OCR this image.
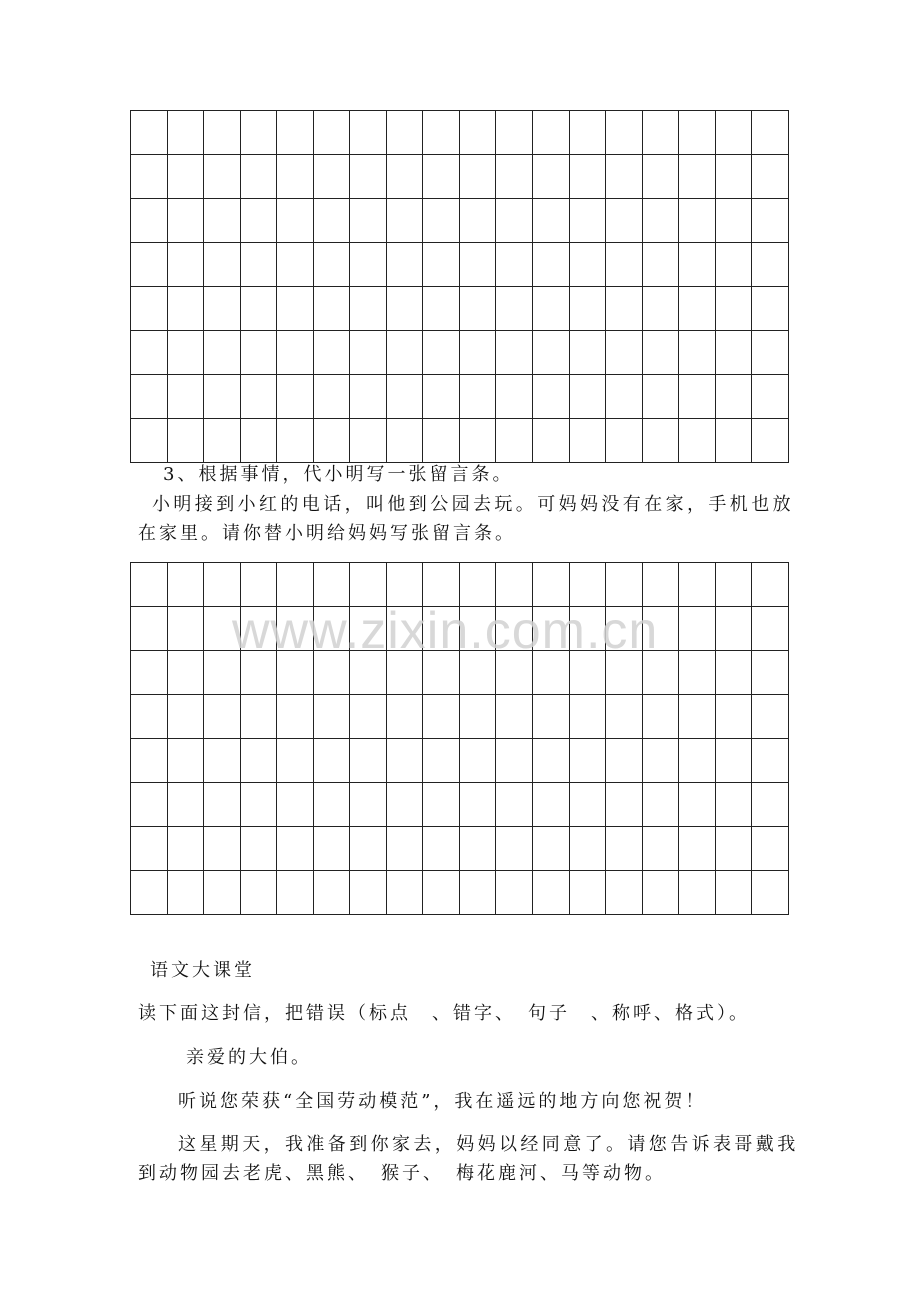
3、根据事情，代小明写一张留言条。

小明接到小红的电话，叫他到公园去玩。可妈妈没有在家，手机也放

在家里。请你替小明给妈妈写张留言条。

www.zixin.com.cn

语文大课堂

读下面这封信，把错误（标点　、错字、　句子　、称呼、格式）。

亲爱的大伯。

听说您荣获“全国劳动模范”，我在遥远的地方向您祝贺！

这星期天，我准备到你家去，妈妈以经同意了。请您告诉表哥戴我

到动物园去老虎、黑熊、　猴子、　梅花鹿河、马等动物。
